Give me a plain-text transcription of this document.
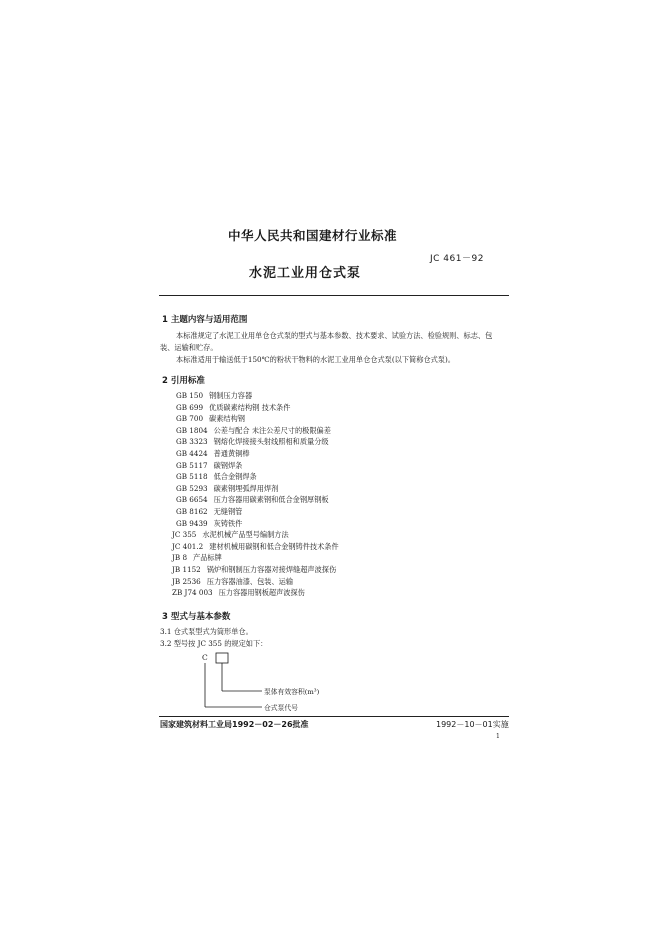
中华人民共和国建材行业标准
JC 461－92
水泥工业用仓式泵
1 主题内容与适用范围
本标准规定了水泥工业用单仓仓式泵的型式与基本参数、技术要求、试验方法、检验规则、标志、包
装、运输和贮存。
本标准适用于输送低于150℃的粉状干物料的水泥工业用单仓仓式泵(以下简称仓式泵)。
2 引用标准
GB 150 钢制压力容器
GB 699 优质碳素结构钢 技术条件
GB 700 碳素结构钢
GB 1804 公差与配合 未注公差尺寸的极限偏差
GB 3323 钢熔化焊接接头射线照相和质量分级
GB 4424 普通黄铜棒
GB 5117 碳钢焊条
GB 5118 低合金钢焊条
GB 5293 碳素钢埋弧焊用焊剂
GB 6654 压力容器用碳素钢和低合金钢厚钢板
GB 8162 无缝钢管
GB 9439 灰铸铁件
JC 355 水泥机械产品型号编制方法
JC 401.2 建材机械用碳钢和低合金钢铸件技术条件
JB 8 产品标牌
JB 1152 锅炉和钢制压力容器对接焊缝超声波探伤
JB 2536 压力容器油漆、包装、运输
ZB J74 003 压力容器用钢板超声波探伤
3 型式与基本参数
3.1 仓式泵型式为筒形单仓。
3.2 型号按 JC 355 的规定如下：
C
泵体有效容积(m³)
仓式泵代号
国家建筑材料工业局1992－02－26批准	1992－10－01实施
1
